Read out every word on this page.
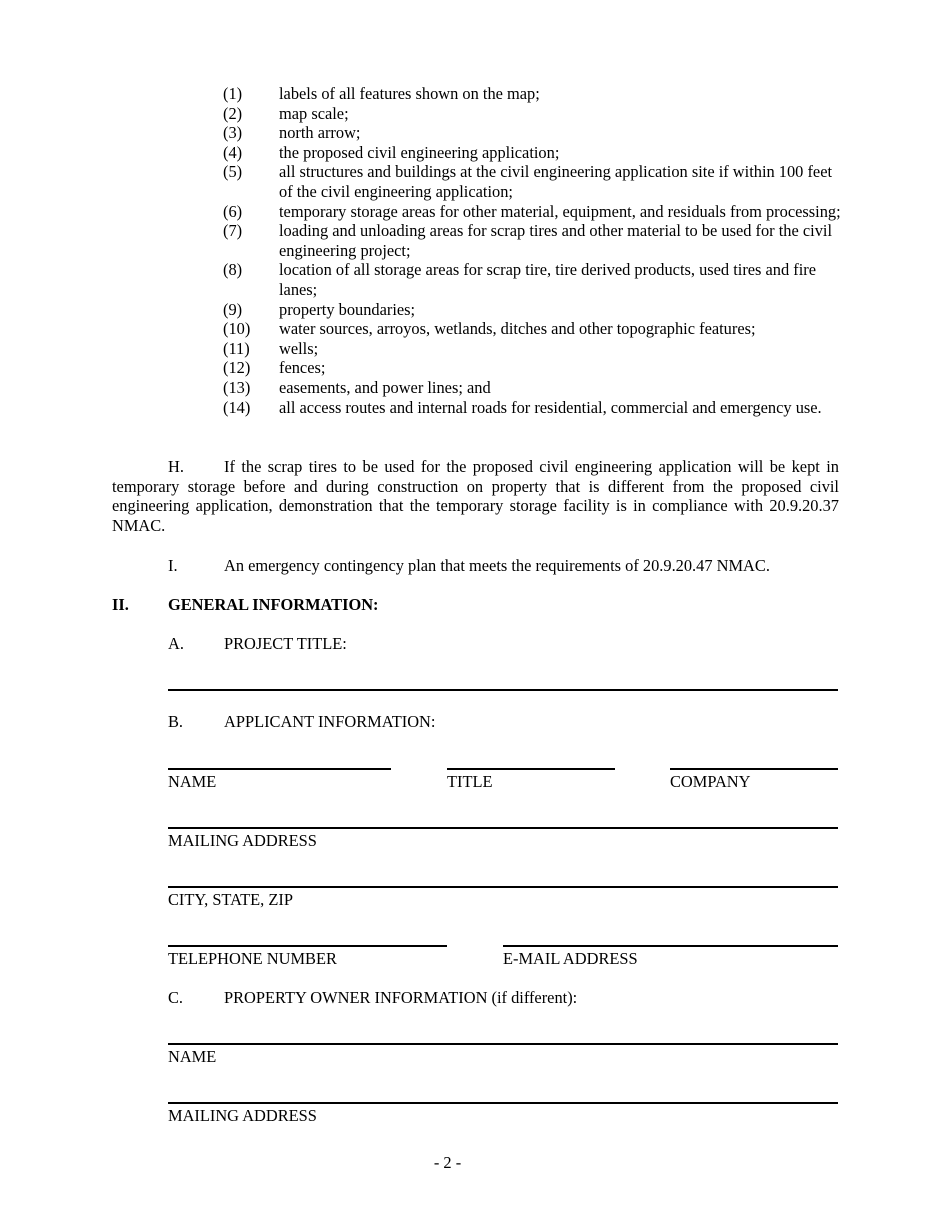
(1) labels of all features shown on the map;
(2) map scale;
(3) north arrow;
(4) the proposed civil engineering application;
(5) all structures and buildings at the civil engineering application site if within 100 feet of the civil engineering application;
(6) temporary storage areas for other material, equipment, and residuals from processing;
(7) loading and unloading areas for scrap tires and other material to be used for the civil engineering project;
(8) location of all storage areas for scrap tire, tire derived products, used tires and fire lanes;
(9) property boundaries;
(10) water sources, arroyos, wetlands, ditches and other topographic features;
(11) wells;
(12) fences;
(13) easements, and power lines; and
(14) all access routes and internal roads for residential, commercial and emergency use.
H. If the scrap tires to be used for the proposed civil engineering application will be kept in temporary storage before and during construction on property that is different from the proposed civil engineering application, demonstration that the temporary storage facility is in compliance with 20.9.20.37 NMAC.
I.	An emergency contingency plan that meets the requirements of 20.9.20.47 NMAC.
II. GENERAL INFORMATION:
A. PROJECT TITLE:
B. APPLICANT INFORMATION:
NAME	TITLE	COMPANY
MAILING ADDRESS
CITY, STATE, ZIP
TELEPHONE NUMBER	E-MAIL ADDRESS
C. PROPERTY OWNER INFORMATION (if different):
NAME
MAILING ADDRESS
- 2 -
